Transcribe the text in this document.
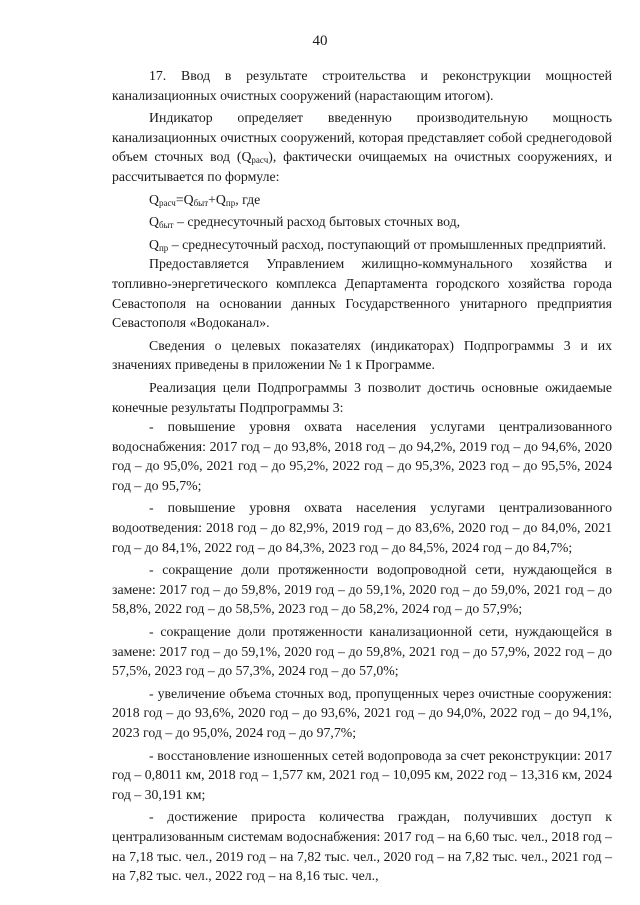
40

17. Ввод в результате строительства и реконструкции мощностей канализационных очистных сооружений (нарастающим итогом).

Индикатор определяет введенную производительную мощность канализационных очистных сооружений, которая представляет собой среднегодовой объем сточных вод $(Q_{расч})$, фактически очищаемых на очистных сооружениях, и рассчитывается по формуле:

$Q_{расч}=Q_{быт}+Q_{пр}$, где

$Q_{быт}$ – среднесуточный расход бытовых сточных вод,

$Q_{пр}$ – среднесуточный расход, поступающий от промышленных предприятий.

Предоставляется Управлением жилищно-коммунального хозяйства и топливно-энергетического комплекса Департамента городского хозяйства города Севастополя на основании данных Государственного унитарного предприятия Севастополя «Водоканал».

Сведения о целевых показателях (индикаторах) Подпрограммы 3 и их значениях приведены в приложении № 1 к Программе.

Реализация цели Подпрограммы 3 позволит достичь основные ожидаемые конечные результаты Подпрограммы 3:

- повышение уровня охвата населения услугами централизованного водоснабжения: 2017 год – до 93,8%, 2018 год – до 94,2%, 2019 год – до 94,6%, 2020 год – до 95,0%, 2021 год – до 95,2%, 2022 год – до 95,3%, 2023 год – до 95,5%, 2024 год – до 95,7%;

- повышение уровня охвата населения услугами централизованного водоотведения: 2018 год – до 82,9%, 2019 год – до 83,6%, 2020 год – до 84,0%, 2021 год – до 84,1%, 2022 год – до 84,3%, 2023 год – до 84,5%, 2024 год – до 84,7%;

- сокращение доли протяженности водопроводной сети, нуждающейся в замене: 2017 год – до 59,8%, 2019 год – до 59,1%, 2020 год – до 59,0%, 2021 год – до 58,8%, 2022 год – до 58,5%, 2023 год – до 58,2%, 2024 год – до 57,9%;

- сокращение доли протяженности канализационной сети, нуждающейся в замене: 2017 год – до 59,1%, 2020 год – до 59,8%, 2021 год – до 57,9%, 2022 год – до 57,5%, 2023 год – до 57,3%, 2024 год – до 57,0%;

- увеличение объема сточных вод, пропущенных через очистные сооружения: 2018 год – до 93,6%, 2020 год – до 93,6%, 2021 год – до 94,0%, 2022 год – до 94,1%, 2023 год – до 95,0%, 2024 год – до 97,7%;

- восстановление изношенных сетей водопровода за счет реконструкции: 2017 год – 0,8011 км, 2018 год – 1,577 км, 2021 год – 10,095 км, 2022 год – 13,316 км, 2024 год – 30,191 км;

- достижение прироста количества граждан, получивших доступ к централизованным системам водоснабжения: 2017 год – на 6,60 тыс. чел., 2018 год – на 7,18 тыс. чел., 2019 год – на 7,82 тыс. чел., 2020 год – на 7,82 тыс. чел., 2021 год – на 7,82 тыс. чел., 2022 год – на 8,16 тыс. чел.,
